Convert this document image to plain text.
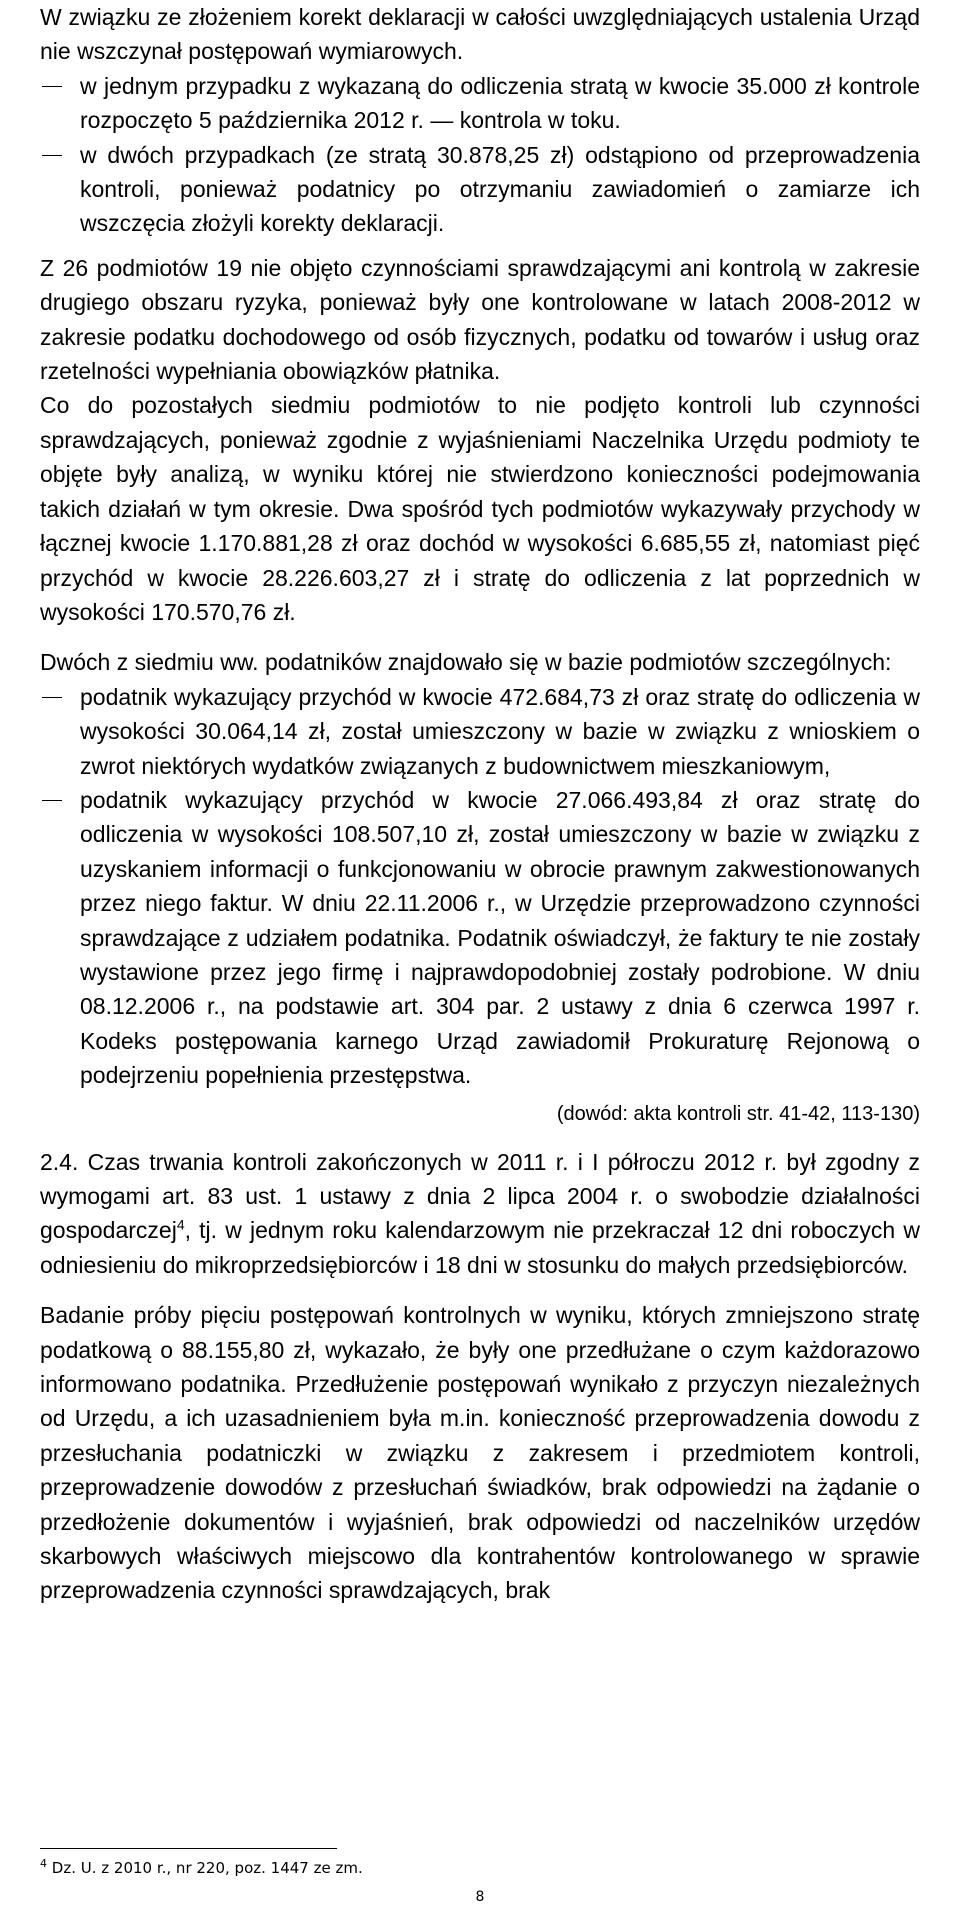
W związku ze złożeniem korekt deklaracji w całości uwzględniających ustalenia Urząd nie wszczynał postępowań wymiarowych.

w jednym przypadku z wykazaną do odliczenia stratą w kwocie 35.000 zł kontrole rozpoczęto 5 października 2012 r. — kontrola w toku.
w dwóch przypadkach (ze stratą 30.878,25 zł) odstąpiono od przeprowadzenia kontroli, ponieważ podatnicy po otrzymaniu zawiadomień o zamiarze ich wszczęcia złożyli korekty deklaracji.

Z 26 podmiotów 19 nie objęto czynnościami sprawdzającymi ani kontrolą w zakresie drugiego obszaru ryzyka, ponieważ były one kontrolowane w latach 2008-2012 w zakresie podatku dochodowego od osób fizycznych, podatku od towarów i usług oraz rzetelności wypełniania obowiązków płatnika.

Co do pozostałych siedmiu podmiotów to nie podjęto kontroli lub czynności sprawdzających, ponieważ zgodnie z wyjaśnieniami Naczelnika Urzędu podmioty te objęte były analizą, w wyniku której nie stwierdzono konieczności podejmowania takich działań w tym okresie. Dwa spośród tych podmiotów wykazywały przychody w łącznej kwocie 1.170.881,28 zł oraz dochód w wysokości 6.685,55 zł, natomiast pięć przychód w kwocie 28.226.603,27 zł i stratę do odliczenia z lat poprzednich w wysokości 170.570,76 zł.

Dwóch z siedmiu ww. podatników znajdowało się w bazie podmiotów szczególnych:

podatnik wykazujący przychód w kwocie 472.684,73 zł oraz stratę do odliczenia w wysokości 30.064,14 zł, został umieszczony w bazie w związku z wnioskiem o zwrot niektórych wydatków związanych z budownictwem mieszkaniowym,
podatnik wykazujący przychód w kwocie 27.066.493,84 zł oraz stratę do odliczenia w wysokości 108.507,10 zł, został umieszczony w bazie w związku z uzyskaniem informacji o funkcjonowaniu w obrocie prawnym zakwestionowanych przez niego faktur. W dniu 22.11.2006 r., w Urzędzie przeprowadzono czynności sprawdzające z udziałem podatnika. Podatnik oświadczył, że faktury te nie zostały wystawione przez jego firmę i najprawdopodobniej zostały podrobione. W dniu 08.12.2006 r., na podstawie art. 304 par. 2 ustawy z dnia 6 czerwca 1997 r. Kodeks postępowania karnego Urząd zawiadomił Prokuraturę Rejonową o podejrzeniu popełnienia przestępstwa.
(dowód: akta kontroli str. 41-42, 113-130)

2.4. Czas trwania kontroli zakończonych w 2011 r. i I półroczu 2012 r. był zgodny z wymogami art. 83 ust. 1 ustawy z dnia 2 lipca 2004 r. o swobodzie działalności gospodarczej$^4$, tj. w jednym roku kalendarzowym nie przekraczał 12 dni roboczych w odniesieniu do mikroprzedsiębiorców i 18 dni w stosunku do małych przedsiębiorców.

Badanie próby pięciu postępowań kontrolnych w wyniku, których zmniejszono stratę podatkową o 88.155,80 zł, wykazało, że były one przedłużane o czym każdorazowo informowano podatnika. Przedłużenie postępowań wynikało z przyczyn niezależnych od Urzędu, a ich uzasadnieniem była m.in. konieczność przeprowadzenia dowodu z przesłuchania podatniczki w związku z zakresem i przedmiotem kontroli, przeprowadzenie dowodów z przesłuchań świadków, brak odpowiedzi na żądanie o przedłożenie dokumentów i wyjaśnień, brak odpowiedzi od naczelników urzędów skarbowych właściwych miejscowo dla kontrahentów kontrolowanego w sprawie przeprowadzenia czynności sprawdzających, brak

$^4$ Dz. U. z 2010 r., nr 220, poz. 1447 ze zm.
8
